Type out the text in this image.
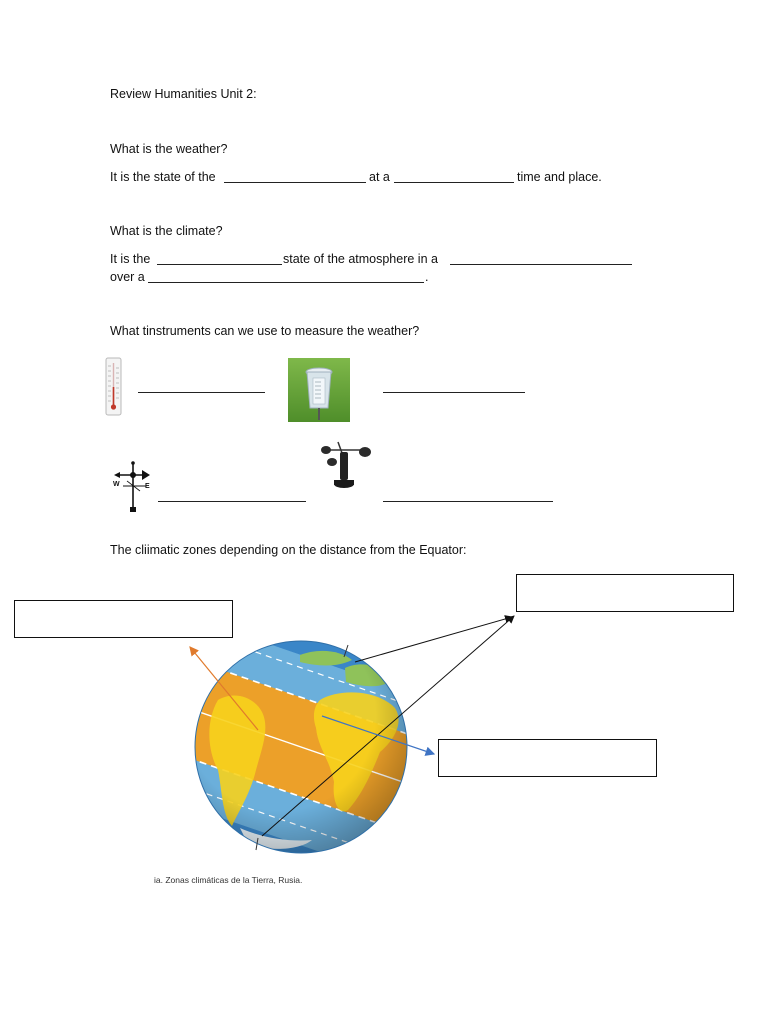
Review Humanities Unit 2:
What is the weather?
It is the state of the	at a	time and place.
What is the climate?
It is the	state of the atmosphere in a
over a	.
What tinstruments can we use to measure the weather?
W	E
The cliimatic zones depending on the distance from the Equator:
ia. Zonas climáticas de la Tierra, Rusia.
